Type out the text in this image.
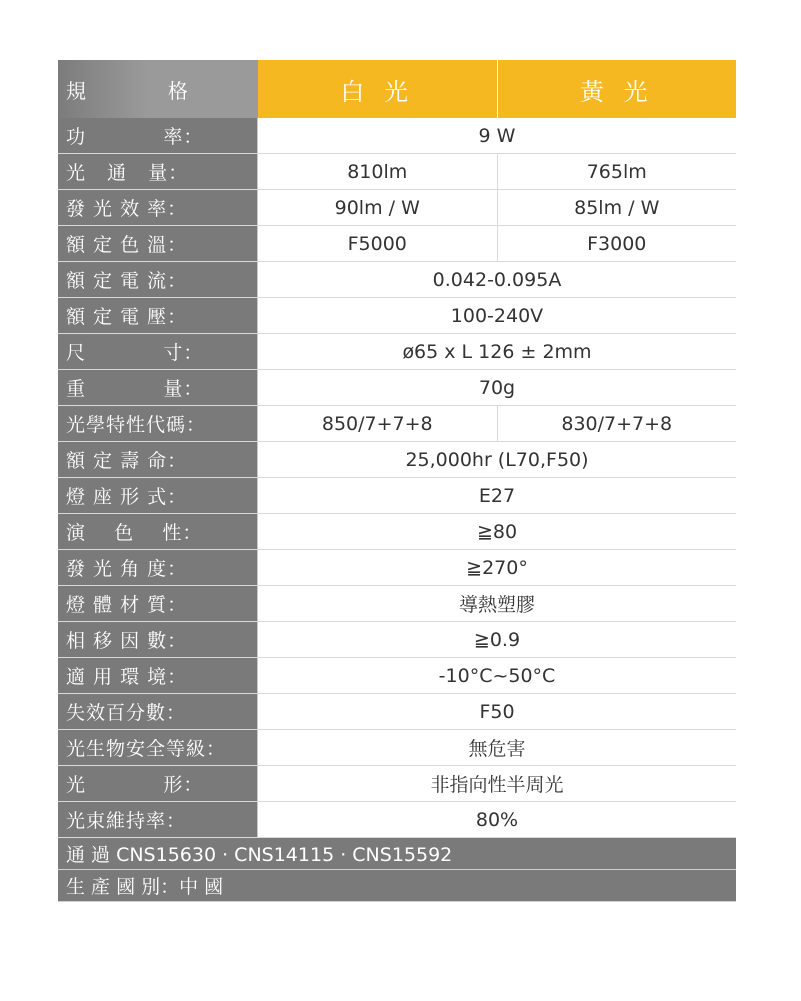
規           格	白 光	黃 光
功           率：	9 W
光   通   量：	810lm	765lm
發 光 效 率：	90lm / W	85lm / W
額 定 色 溫：	F5000	F3000
額 定 電 流：	0.042-0.095A
額 定 電 壓：	100-240V
尺           寸：	ø65 x L 126 ± 2mm
重           量：	70g
光學特性代碼：	850/7+7+8	830/7+7+8
額 定 壽 命：	25,000hr (L70,F50)
燈 座 形 式：	E27
演    色    性：	≧80
發 光 角 度：	≧270°
燈 體 材 質：	導熱塑膠
相 移 因 數：	≧0.9
適 用 環 境：	-10°C~50°C
失效百分數：	F50
光生物安全等級：	無危害
光           形：	非指向性半周光
光束維持率：	80%
通 過 CNS15630 · CNS14115 · CNS15592
生 產 國 別：中 國
